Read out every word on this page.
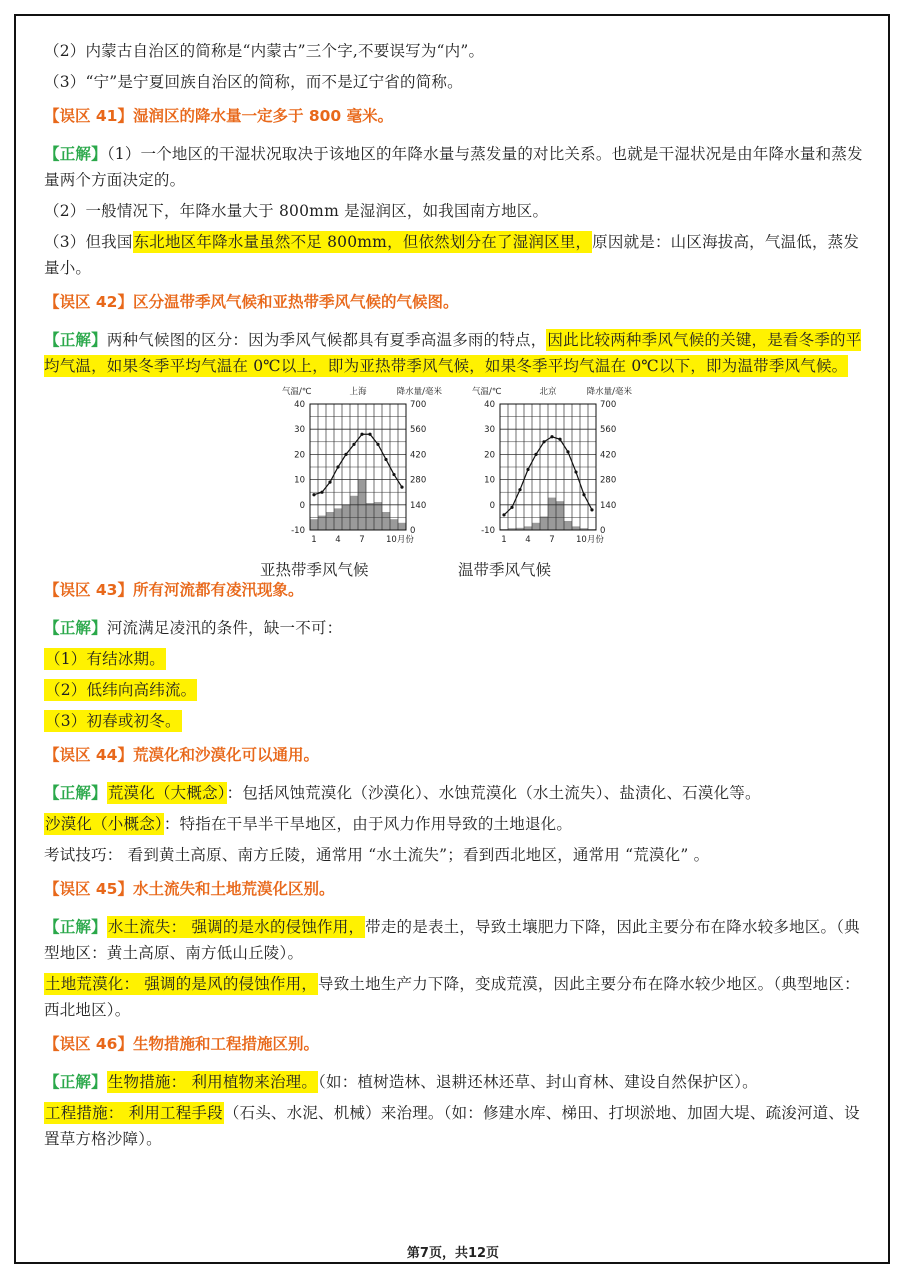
（2）内蒙古自治区的简称是“内蒙古”三个字,不要误写为“内”。

（3）“宁”是宁夏回族自治区的简称，而不是辽宁省的简称。

【误区 41】湿润区的降水量一定多于 800 毫米。

【正解】（1）一个地区的干湿状况取决于该地区的年降水量与蒸发量的对比关系。也就是干湿状况是由年降水量和蒸发量两个方面决定的。

（2）一般情况下，年降水量大于 800mm 是湿润区，如我国南方地区。

（3）但我国东北地区年降水量虽然不足 800mm，但依然划分在了湿润区里，原因就是：山区海拔高，气温低，蒸发量小。

【误区 42】区分温带季风气候和亚热带季风气候的气候图。

【正解】两种气候图的区分：因为季风气候都具有夏季高温多雨的特点，因此比较两种季风气候的关键，是看冬季的平均气温，如果冬季平均气温在 0℃以上，即为亚热带季风气候，如果冬季平均气温在 0℃以下，即为温带季风气候。

气温/℃	上海	降水量/毫米
40
30
20
10
0
-10
700
560
420
280
140
0
1 4 7	10月份
气温/℃	北京	降水量/毫米
40
30
20
10
0
-10
700
560
420
280
140
0
1 4 7	10月份
亚热带季风气候	温带季风气候
【误区 43】所有河流都有凌汛现象。

【正解】河流满足凌汛的条件，缺一不可：

（1）有结冰期。

（2）低纬向高纬流。

（3）初春或初冬。

【误区 44】荒漠化和沙漠化可以通用。

【正解】荒漠化（大概念）：包括风蚀荒漠化（沙漠化）、水蚀荒漠化（水土流失）、盐渍化、石漠化等。

沙漠化（小概念）：特指在干旱半干旱地区，由于风力作用导致的土地退化。

考试技巧： 看到黄土高原、南方丘陵，通常用 “水土流失”；看到西北地区，通常用 “荒漠化” 。

【误区 45】水土流失和土地荒漠化区别。

【正解】水土流失： 强调的是水的侵蚀作用，带走的是表土，导致土壤肥力下降，因此主要分布在降水较多地区。（典型地区：黄土高原、南方低山丘陵）。

土地荒漠化： 强调的是风的侵蚀作用，导致土地生产力下降，变成荒漠，因此主要分布在降水较少地区。（典型地区：西北地区）。

【误区 46】生物措施和工程措施区别。

【正解】生物措施： 利用植物来治理。（如：植树造林、退耕还林还草、封山育林、建设自然保护区）。

工程措施： 利用工程手段（石头、水泥、机械）来治理。（如：修建水库、梯田、打坝淤地、加固大堤、疏浚河道、设置草方格沙障）。

第7页，共12页
